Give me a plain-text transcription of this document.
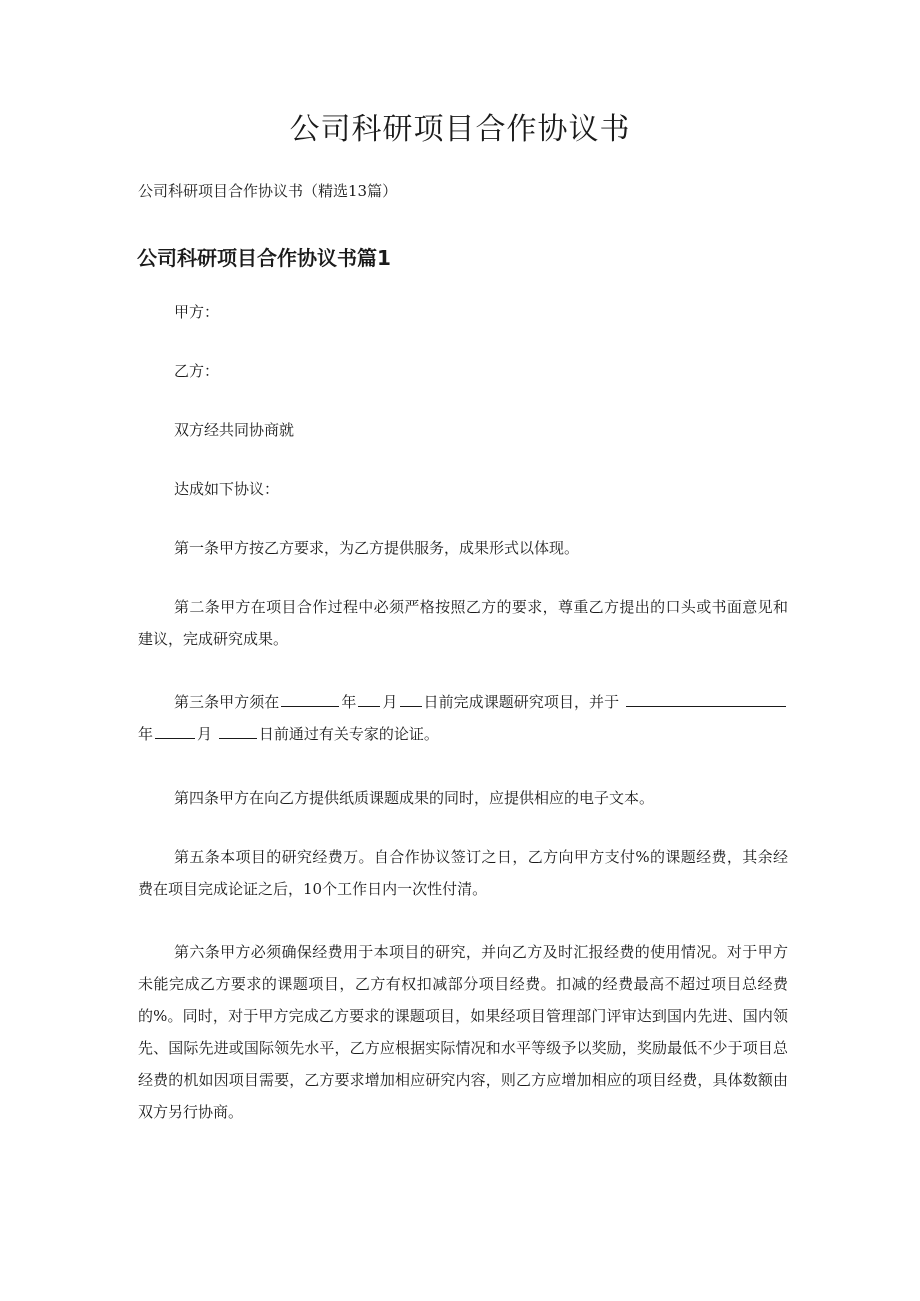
公司科研项目合作协议书

公司科研项目合作协议书（精选13篇）

公司科研项目合作协议书篇1

甲方：

乙方：

双方经共同协商就

达成如下协议：

第一条甲方按乙方要求，为乙方提供服务，成果形式以体现。

第二条甲方在项目合作过程中必须严格按照乙方的要求，尊重乙方提出的口头或书面意见和建议，完成研究成果。

第三条甲方须在	年 月 日前完成课题研究项目，并于  年	月	日前通过有关专家的论证。

第四条甲方在向乙方提供纸质课题成果的同时，应提供相应的电子文本。

第五条本项目的研究经费万。自合作协议签订之日，乙方向甲方支付%的课题经费，其余经费在项目完成论证之后，10个工作日内一次性付清。

第六条甲方必须确保经费用于本项目的研究，并向乙方及时汇报经费的使用情况。对于甲方未能完成乙方要求的课题项目，乙方有权扣减部分项目经费。扣减的经费最高不超过项目总经费的%。同时，对于甲方完成乙方要求的课题项目，如果经项目管理部门评审达到国内先进、国内领先、国际先进或国际领先水平，乙方应根据实际情况和水平等级予以奖励，奖励最低不少于项目总经费的机如因项目需要，乙方要求增加相应研究内容，则乙方应增加相应的项目经费，具体数额由双方另行协商。
